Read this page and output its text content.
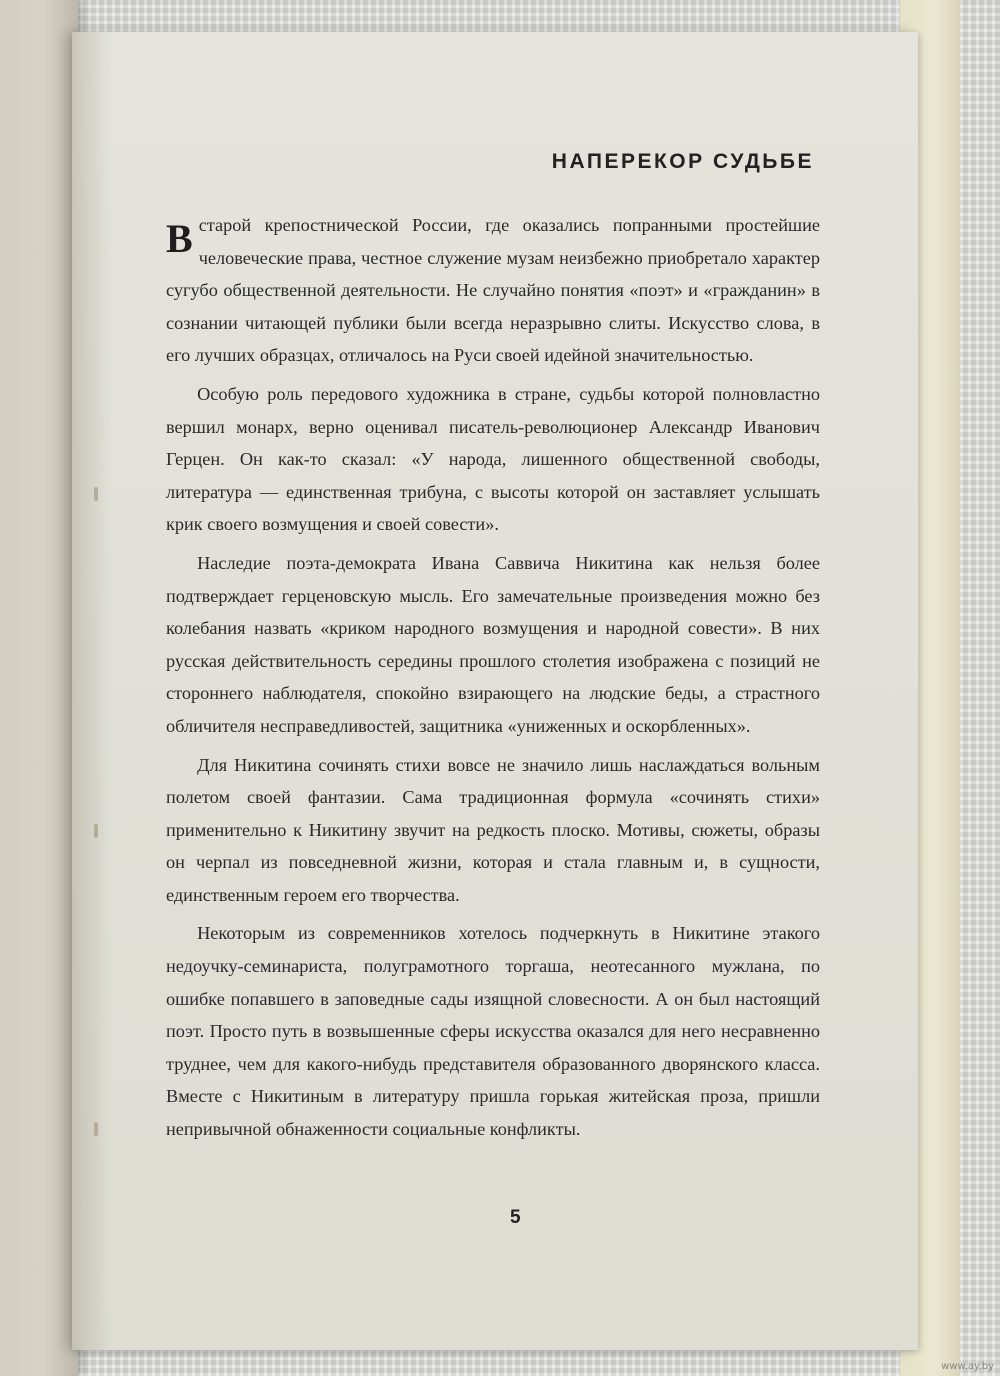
НАПЕРЕКОР СУДЬБЕ

В старой крепостнической России, где оказались попранными простейшие человеческие права, честное служение музам неизбежно приобретало характер сугубо общественной деятельности. Не случайно понятия «поэт» и «гражданин» в сознании читающей публики были всегда неразрывно слиты. Искусство слова, в его лучших образцах, отличалось на Руси своей идейной значительностью.

Особую роль передового художника в стране, судьбы которой полновластно вершил монарх, верно оценивал писатель-революционер Александр Иванович Герцен. Он как-то сказал: «У народа, лишенного общественной свободы, литература — единственная трибуна, с высоты которой он заставляет услышать крик своего возмущения и своей совести».

Наследие поэта-демократа Ивана Саввича Никитина как нельзя более подтверждает герценовскую мысль. Его замечательные произведения можно без колебания назвать «криком народного возмущения и народной совести». В них русская действительность середины прошлого столетия изображена с позиций не стороннего наблюдателя, спокойно взирающего на людские беды, а страстного обличителя несправедливостей, защитника «униженных и оскорбленных».

Для Никитина сочинять стихи вовсе не значило лишь наслаждаться вольным полетом своей фантазии. Сама традиционная формула «сочинять стихи» применительно к Никитину звучит на редкость плоско. Мотивы, сюжеты, образы он черпал из повседневной жизни, которая и стала главным и, в сущности, единственным героем его творчества.

Некоторым из современников хотелось подчеркнуть в Никитине этакого недоучку-семинариста, полуграмотного торгаша, неотесанного мужлана, по ошибке попавшего в заповедные сады изящной словесности. А он был настоящий поэт. Просто путь в возвышенные сферы искусства оказался для него несравненно труднее, чем для какого-нибудь представителя образованного дворянского класса. Вместе с Никитиным в литературу пришла горькая житейская проза, пришли непривычной обнаженности социальные конфликты.

5
www.ay.by
